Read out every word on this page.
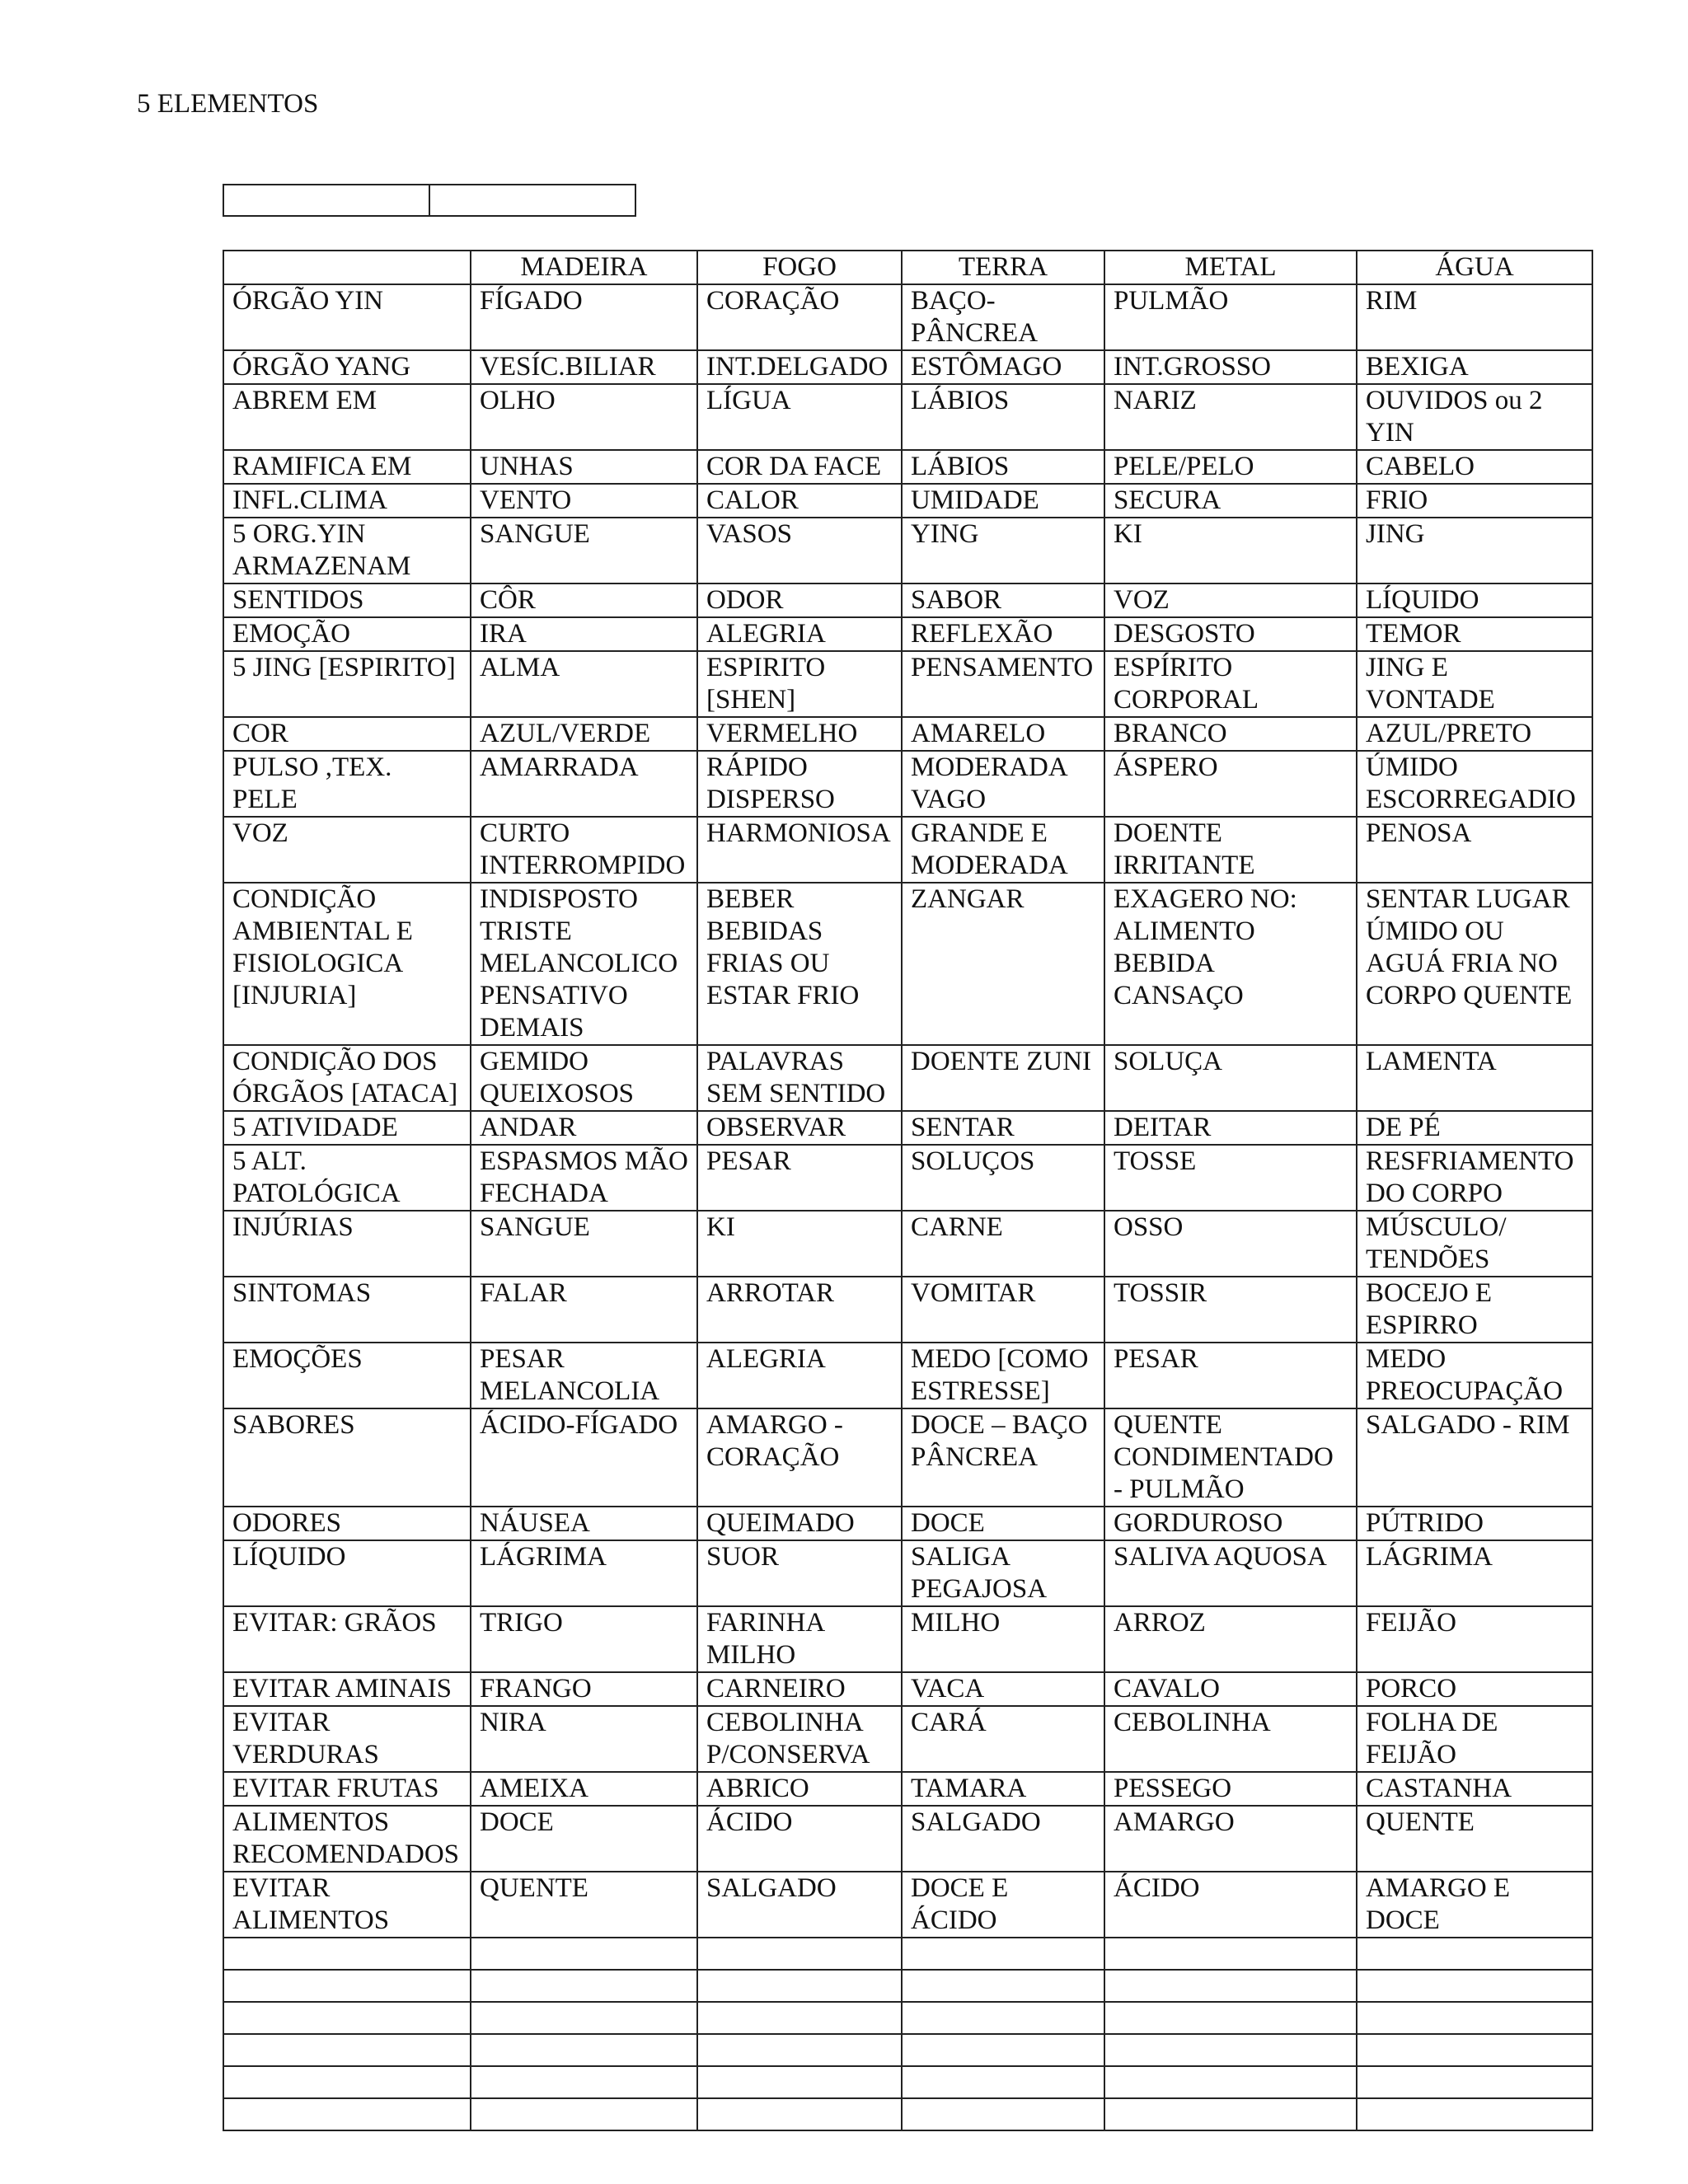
5 ELEMENTOS

	MADEIRA	FOGO	TERRA	METAL	ÁGUA
ÓRGÃO YIN	FÍGADO	CORAÇÃO	BAÇO-PÂNCREA	PULMÃO	RIM
ÓRGÃO YANG	VESÍC.BILIAR	INT.DELGADO	ESTÔMAGO	INT.GROSSO	BEXIGA
ABREM EM	OLHO	LÍGUA	LÁBIOS	NARIZ	OUVIDOS ou 2 YIN
RAMIFICA EM	UNHAS	COR DA FACE	LÁBIOS	PELE/PELO	CABELO
INFL.CLIMA	VENTO	CALOR	UMIDADE	SECURA	FRIO
5 ORG.YIN ARMAZENAM	SANGUE	VASOS	YING	KI	JING
SENTIDOS	CÔR	ODOR	SABOR	VOZ	LÍQUIDO
EMOÇÃO	IRA	ALEGRIA	REFLEXÃO	DESGOSTO	TEMOR
5 JING [ESPIRITO]	ALMA	ESPIRITO [SHEN]	PENSAMENTO	ESPÍRITO CORPORAL	JING E VONTADE
COR	AZUL/VERDE	VERMELHO	AMARELO	BRANCO	AZUL/PRETO
PULSO ,TEX. PELE	AMARRADA	RÁPIDO DISPERSO	MODERADA VAGO	ÁSPERO	ÚMIDO ESCORREGADIO
VOZ	CURTO INTERROMPIDO	HARMONIOSA	GRANDE E MODERADA	DOENTE IRRITANTE	PENOSA
CONDIÇÃO AMBIENTAL E FISIOLOGICA [INJURIA]	INDISPOSTO TRISTE MELANCOLICO PENSATIVO DEMAIS	BEBER BEBIDAS FRIAS OU ESTAR FRIO	ZANGAR	EXAGERO NO: ALIMENTO BEBIDA CANSAÇO	SENTAR LUGAR ÚMIDO OU AGUÁ FRIA NO CORPO QUENTE
CONDIÇÃO DOS ÓRGÃOS [ATACA]	GEMIDO QUEIXOSOS	PALAVRAS SEM SENTIDO	DOENTE ZUNI	SOLUÇA	LAMENTA
5 ATIVIDADE	ANDAR	OBSERVAR	SENTAR	DEITAR	DE PÉ
5 ALT. PATOLÓGICA	ESPASMOS MÃO FECHADA	PESAR	SOLUÇOS	TOSSE	RESFRIAMENTO DO CORPO
INJÚRIAS	SANGUE	KI	CARNE	OSSO	MÚSCULO/ TENDÕES
SINTOMAS	FALAR	ARROTAR	VOMITAR	TOSSIR	BOCEJO E ESPIRRO
EMOÇÕES	PESAR MELANCOLIA	ALEGRIA	MEDO [COMO ESTRESSE]	PESAR	MEDO PREOCUPAÇÃO
SABORES	ÁCIDO-FÍGADO	AMARGO - CORAÇÃO	DOCE – BAÇO PÂNCREA	QUENTE CONDIMENTADO - PULMÃO	SALGADO - RIM
ODORES	NÁUSEA	QUEIMADO	DOCE	GORDUROSO	PÚTRIDO
LÍQUIDO	LÁGRIMA	SUOR	SALIGA PEGAJOSA	SALIVA AQUOSA	LÁGRIMA
EVITAR: GRÃOS	TRIGO	FARINHA MILHO	MILHO	ARROZ	FEIJÃO
EVITAR AMINAIS	FRANGO	CARNEIRO	VACA	CAVALO	PORCO
EVITAR VERDURAS	NIRA	CEBOLINHA P/CONSERVA	CARÁ	CEBOLINHA	FOLHA DE FEIJÃO
EVITAR FRUTAS	AMEIXA	ABRICO	TAMARA	PESSEGO	CASTANHA
ALIMENTOS RECOMENDADOS	DOCE	ÁCIDO	SALGADO	AMARGO	QUENTE
EVITAR ALIMENTOS	QUENTE	SALGADO	DOCE E ÁCIDO	ÁCIDO	AMARGO E DOCE
